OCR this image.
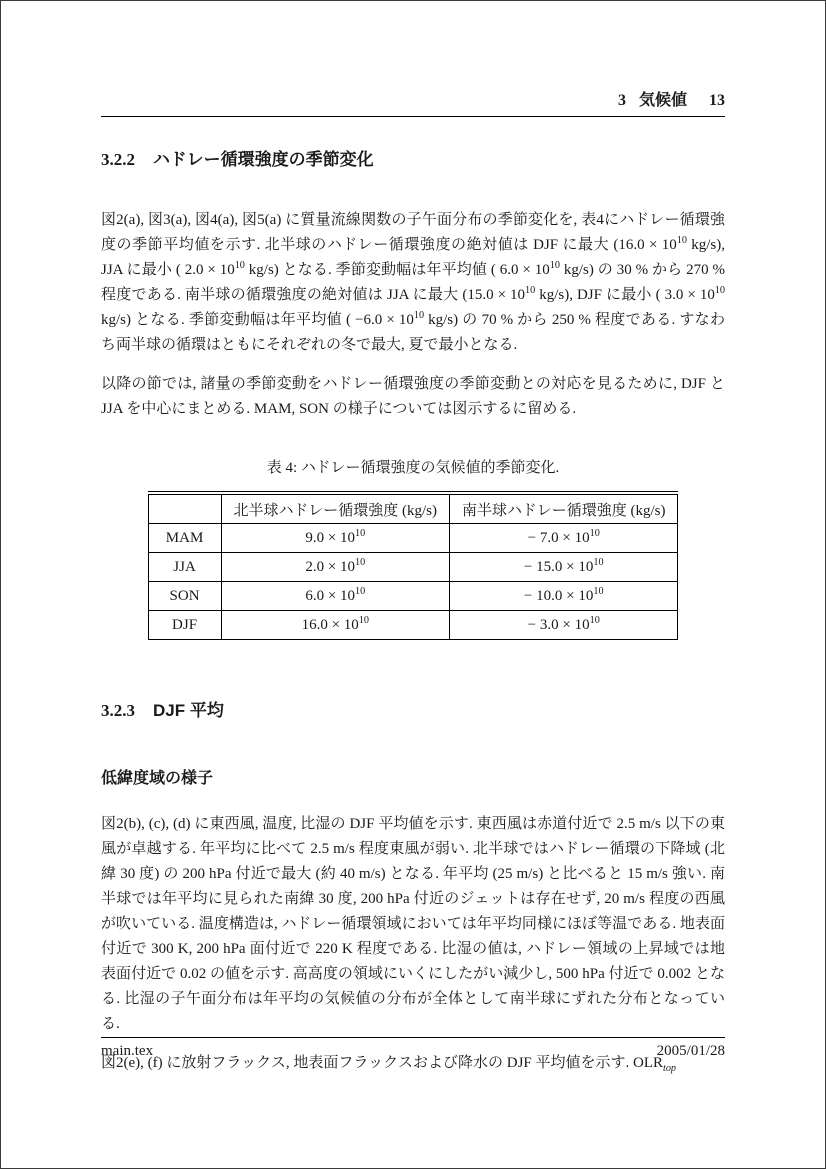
3 気候値 13
3.2.2 ハドレー循環強度の季節変化

図2(a), 図3(a), 図4(a), 図5(a) に質量流線関数の子午面分布の季節変化を, 表4にハドレー循環強度の季節平均値を示す. 北半球のハドレー循環強度の絶対値は DJF に最大 ($16.0 \times 10^{10}$ kg/s), JJA に最小 ( $2.0 \times 10^{10}$ kg/s) となる. 季節変動幅は年平均値 ( $6.0 \times 10^{10}$ kg/s) の 30 % から 270 % 程度である. 南半球の循環強度の絶対値は JJA に最大 ($15.0 \times 10^{10}$ kg/s), DJF に最小 ( $3.0 \times 10^{10}$ kg/s) となる. 季節変動幅は年平均値 ( $-6.0 \times 10^{10}$ kg/s) の 70 % から 250 % 程度である. すなわち両半球の循環はともにそれぞれの冬で最大, 夏で最小となる.

以降の節では, 諸量の季節変動をハドレー循環強度の季節変動との対応を見るために, DJF と JJA を中心にまとめる. MAM, SON の様子については図示するに留める.

表 4: ハドレー循環強度の気候値的季節変化.
	北半球ハドレー循環強度 (kg/s)	南半球ハドレー循環強度 (kg/s)
MAM	$9.0 \times 10^{10}$	− $7.0 \times 10^{10}$
JJA	$2.0 \times 10^{10}$	− $15.0 \times 10^{10}$
SON	$6.0 \times 10^{10}$	− $10.0 \times 10^{10}$
DJF	$16.0 \times 10^{10}$	− $3.0 \times 10^{10}$
3.2.3 DJF 平均
低緯度域の様子

図2(b), (c), (d) に東西風, 温度, 比湿の DJF 平均値を示す. 東西風は赤道付近で 2.5 m/s 以下の東風が卓越する. 年平均に比べて 2.5 m/s 程度東風が弱い. 北半球ではハドレー循環の下降域 (北緯 30 度) の 200 hPa 付近で最大 (約 40 m/s) となる. 年平均 (25 m/s) と比べると 15 m/s 強い. 南半球では年平均に見られた南緯 30 度, 200 hPa 付近のジェットは存在せず, 20 m/s 程度の西風が吹いている. 温度構造は, ハドレー循環領域においては年平均同様にほぼ等温である. 地表面付近で 300 K, 200 hPa 面付近で 220 K 程度である. 比湿の値は, ハドレー領域の上昇域では地表面付近で 0.02 の値を示す. 高高度の領域にいくにしたがい減少し, 500 hPa 付近で 0.002 となる. 比湿の子午面分布は年平均の気候値の分布が全体として南半球にずれた分布となっている.

図2(e), (f) に放射フラックス, 地表面フラックスおよび降水の DJF 平均値を示す. $OLR_{top}$

main.tex	2005/01/28
